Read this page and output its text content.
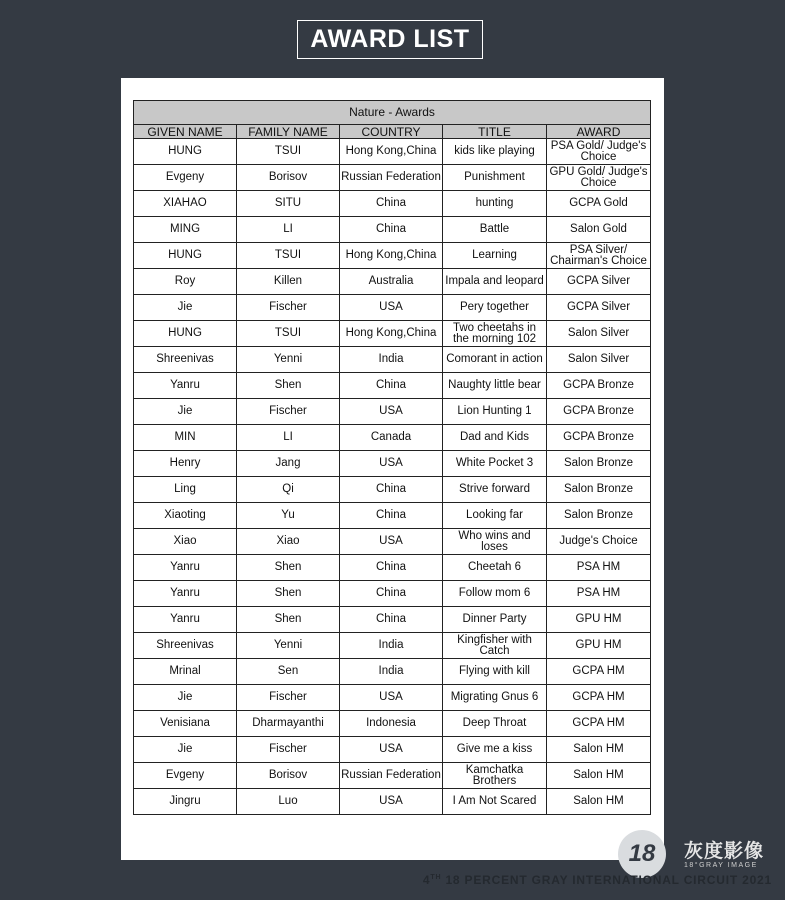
AWARD LIST
Nature - Awards				
GIVEN NAME	FAMILY NAME	COUNTRY	TITLE	AWARD
HUNG	TSUI	Hong Kong,China	kids like playing	PSA Gold/ Judge's Choice
Evgeny	Borisov	Russian Federation	Punishment	GPU Gold/ Judge's Choice
XIAHAO	SITU	China	hunting	GCPA Gold
MING	LI	China	Battle	Salon Gold
HUNG	TSUI	Hong Kong,China	Learning	PSA Silver/ Chairman's Choice
Roy	Killen	Australia	Impala and leopard	GCPA Silver
Jie	Fischer	USA	Pery together	GCPA Silver
HUNG	TSUI	Hong Kong,China	Two cheetahs in the morning 102	Salon Silver
Shreenivas	Yenni	India	Comorant in action	Salon Silver
Yanru	Shen	China	Naughty little bear	GCPA Bronze
Jie	Fischer	USA	Lion Hunting 1	GCPA Bronze
MIN	LI	Canada	Dad and Kids	GCPA Bronze
Henry	Jang	USA	White Pocket 3	Salon Bronze
Ling	Qi	China	Strive forward	Salon Bronze
Xiaoting	Yu	China	Looking far	Salon Bronze
Xiao	Xiao	USA	Who wins and loses	Judge's Choice
Yanru	Shen	China	Cheetah 6	PSA HM
Yanru	Shen	China	Follow mom 6	PSA HM
Yanru	Shen	China	Dinner Party	GPU HM
Shreenivas	Yenni	India	Kingfisher with Catch	GPU HM
Mrinal	Sen	India	Flying with kill	GCPA HM
Jie	Fischer	USA	Migrating Gnus 6	GCPA HM
Venisiana	Dharmayanthi	Indonesia	Deep Throat	GCPA HM
Jie	Fischer	USA	Give me a kiss	Salon HM
Evgeny	Borisov	Russian Federation	Kamchatka Brothers	Salon HM
Jingru	Luo	USA	I Am Not Scared	Salon HM
18	灰度影像
18°GRAY IMAGE
4TH 18 PERCENT GRAY INTERNATIONAL CIRCUIT 2021
